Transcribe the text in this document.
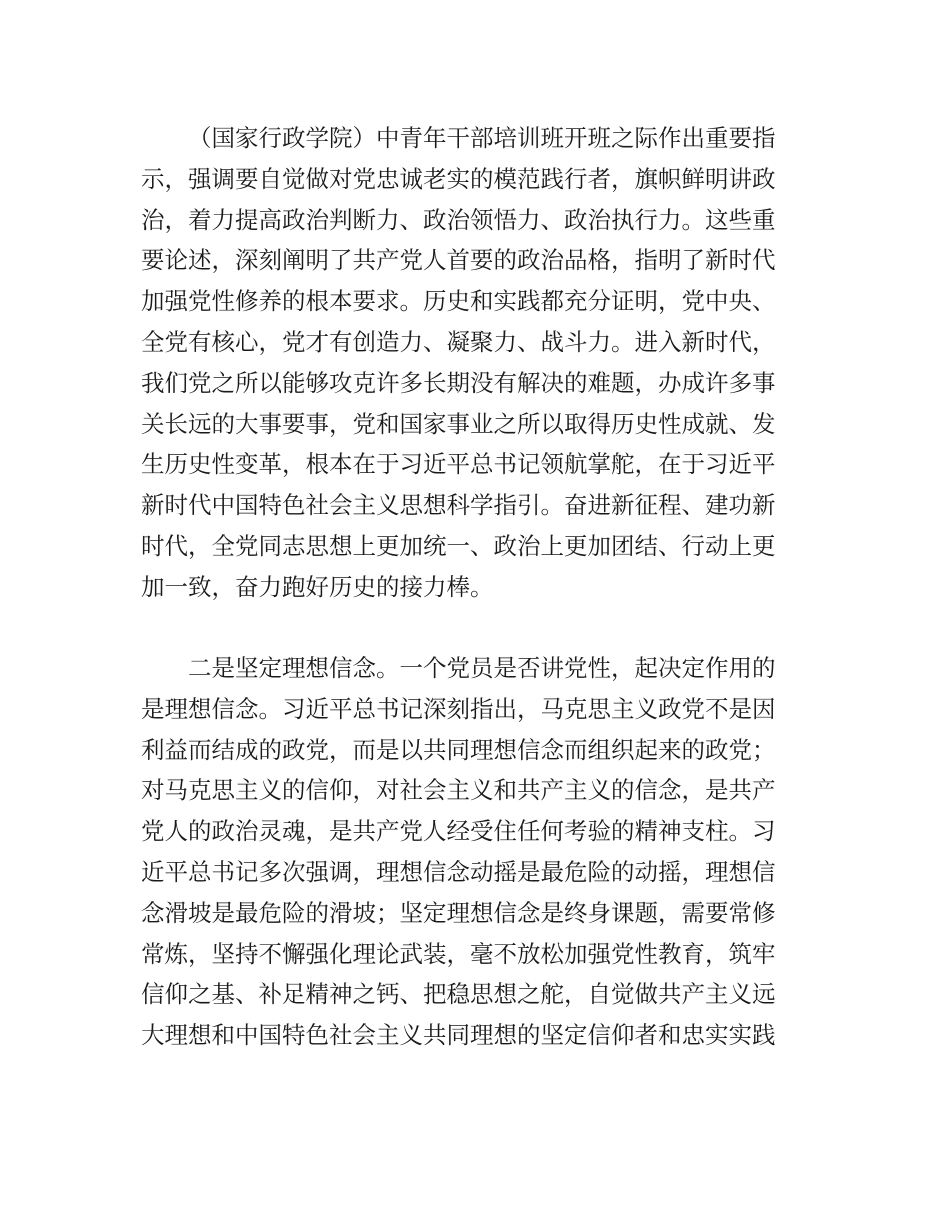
（国家行政学院）中青年干部培训班开班之际作出重要指
示，强调要自觉做对党忠诚老实的模范践行者，旗帜鲜明讲政
治，着力提高政治判断力、政治领悟力、政治执行力。这些重
要论述，深刻阐明了共产党人首要的政治品格，指明了新时代
加强党性修养的根本要求。历史和实践都充分证明，党中央、
全党有核心，党才有创造力、凝聚力、战斗力。进入新时代，
我们党之所以能够攻克许多长期没有解决的难题，办成许多事
关长远的大事要事，党和国家事业之所以取得历史性成就、发
生历史性变革，根本在于习近平总书记领航掌舵，在于习近平
新时代中国特色社会主义思想科学指引。奋进新征程、建功新
时代，全党同志思想上更加统一、政治上更加团结、行动上更
加一致，奋力跑好历史的接力棒。
二是坚定理想信念。一个党员是否讲党性，起决定作用的
是理想信念。习近平总书记深刻指出，马克思主义政党不是因
利益而结成的政党，而是以共同理想信念而组织起来的政党；
对马克思主义的信仰，对社会主义和共产主义的信念，是共产
党人的政治灵魂，是共产党人经受住任何考验的精神支柱。习
近平总书记多次强调，理想信念动摇是最危险的动摇，理想信
念滑坡是最危险的滑坡；坚定理想信念是终身课题，需要常修
常炼，坚持不懈强化理论武装，毫不放松加强党性教育，筑牢
信仰之基、补足精神之钙、把稳思想之舵，自觉做共产主义远
大理想和中国特色社会主义共同理想的坚定信仰者和忠实实践
